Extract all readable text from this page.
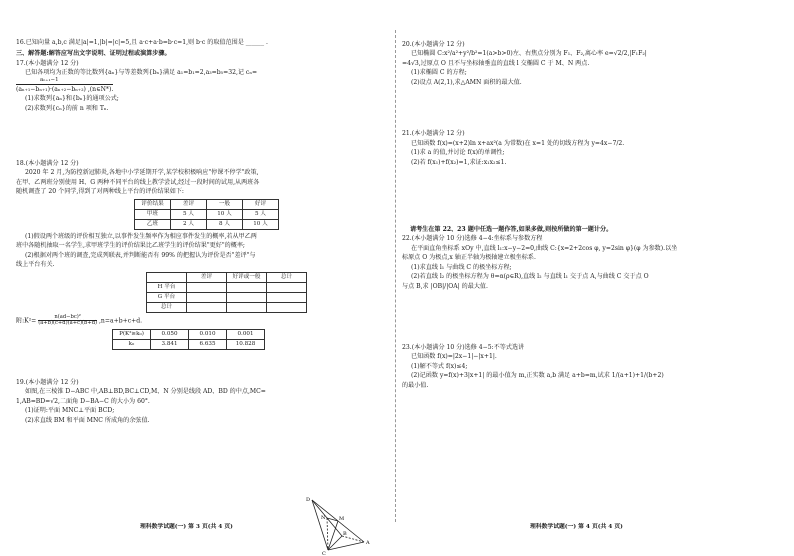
16.已知向量 a,b,c 满足|a|=1,|b|=|c|=5,且 a·c+a·b=b·c=1,则 b·c 的取值范围是 ______ .
三、解答题:解答应写出文字说明、证明过程或演算步骤。
17.(本小题满分 12 分)
已知各项均为正数的等比数列{aₙ}与等差数列{bₙ}满足 a₁=b₁=2,a₃=b₅=32,记 cₙ=
aₙ₊₁−1
(aₙ₊₁−bₙ₊₁)·(aₙ₊₂−bₙ₊₂) ,(n∈N*).
(1)求数列{aₙ}和{bₙ}的通项公式;
(2)求数列{cₙ}的前 n 项和 Tₙ.
18.(本小题满分 12 分)
2020 年 2 月,为防控新冠肺炎,各地中小学延期开学,某学校积极响应"停课不停学"政策,
在甲、乙两班分别使用 H、G 两种不同平台的线上教学尝试,经过一段时间的试用,从两班各
随机调查了 20 个同学,得到了对两种线上平台的评价结果如下:
评价结果	差评	一般	好评
甲班	5 人	10 人	5 人
乙班	2 人	8 人	10 人
(1)假设两个班级的评价相互独立,以事件发生频率作为相应事件发生的概率,若从甲乙两
班中各随机抽取一名学生,求甲班学生的评价结果比乙班学生的评价结果"更好"的概率;
(2)根据对两个班的调查,完成列联表,并判断能否有 99% 的把握认为评价是否"差评"与
线上平台有关.
	差评	好评或一般	总计
H 平台			
G 平台			
总计			
附:K²= $\frac{\text{n(ad−bc)²}}{(a+b)(c+d)(a+c)(b+d)} ,n=a+b+c+d$.
P(K²≥k₀)	0.050	0.010	0.001
k₀	3.841	6.635	10.828
19.(本小题满分 12 分)
如图,在三棱锥 D−ABC 中,AB⊥BD,BC⊥CD,M、N 分别是线段 AD、BD 的中点,MC=
1,AB=BD=√2,二面角 D−BA−C 的大小为 60°.
(1)证明:平面 MNC⊥平面 BCD;
(2)求直线 BM 和平面 MNC 所成角的余弦值.
D
M
N
A
B
C
理科数学试题(一) 第 3 页(共 4 页)
20.(本小题满分 12 分)
已知椭圆 C:x²/a²+y²/b²=1(a>b>0)左、右焦点分别为 F₁、F₂,离心率 e=√2/2,|F₁F₂|
=4√3,过原点 O 且不与坐标轴垂直的直线 l 交椭圆 C 于 M、N 两点.
(1)求椭圆 C 的方程;
(2)设点 A(2,1),求△AMN 面积的最大值.
21.(本小题满分 12 分)
已知函数 f(x)=(x+2)ln x+ax²(a 为常数)在 x=1 处的切线方程为 y=4x−7/2.
(1)求 a 的值,并讨论 f(x)的单调性;
(2)若 f(x₁)+f(x₂)=1,求证:x₁x₂≤1.
请考生在第 22、23 题中任选一题作答,如果多做,则按所做的第一题计分。
22.(本小题满分 10 分)选修 4−4:坐标系与参数方程
在平面直角坐标系 xOy 中,直线 l₁:x−y−2=0,曲线 C:{x=2+2cos φ, y=2sin φ}(φ 为参数).以坐
标原点 O 为极点,x 轴正半轴为极轴建立极坐标系.
(1)求直线 l₁ 与曲线 C 的极坐标方程;
(2)若直线 l₂ 的极坐标方程为 θ=α(ρ∈R),直线 l₂ 与直线 l₁ 交于点 A,与曲线 C 交于点 O
与点 B,求 |OB|/|OA| 的最大值.
23.(本小题满分 10 分)选修 4−5:不等式选讲
已知函数 f(x)=|2x−1|−|x+1|.
(1)解不等式 f(x)≤4;
(2)记函数 y=f(x)+3|x+1| 的最小值为 m,正实数 a,b 满足 a+b=m,试求 1/(a+1)+1/(b+2)
的最小值.
理科数学试题(一) 第 4 页(共 4 页)
